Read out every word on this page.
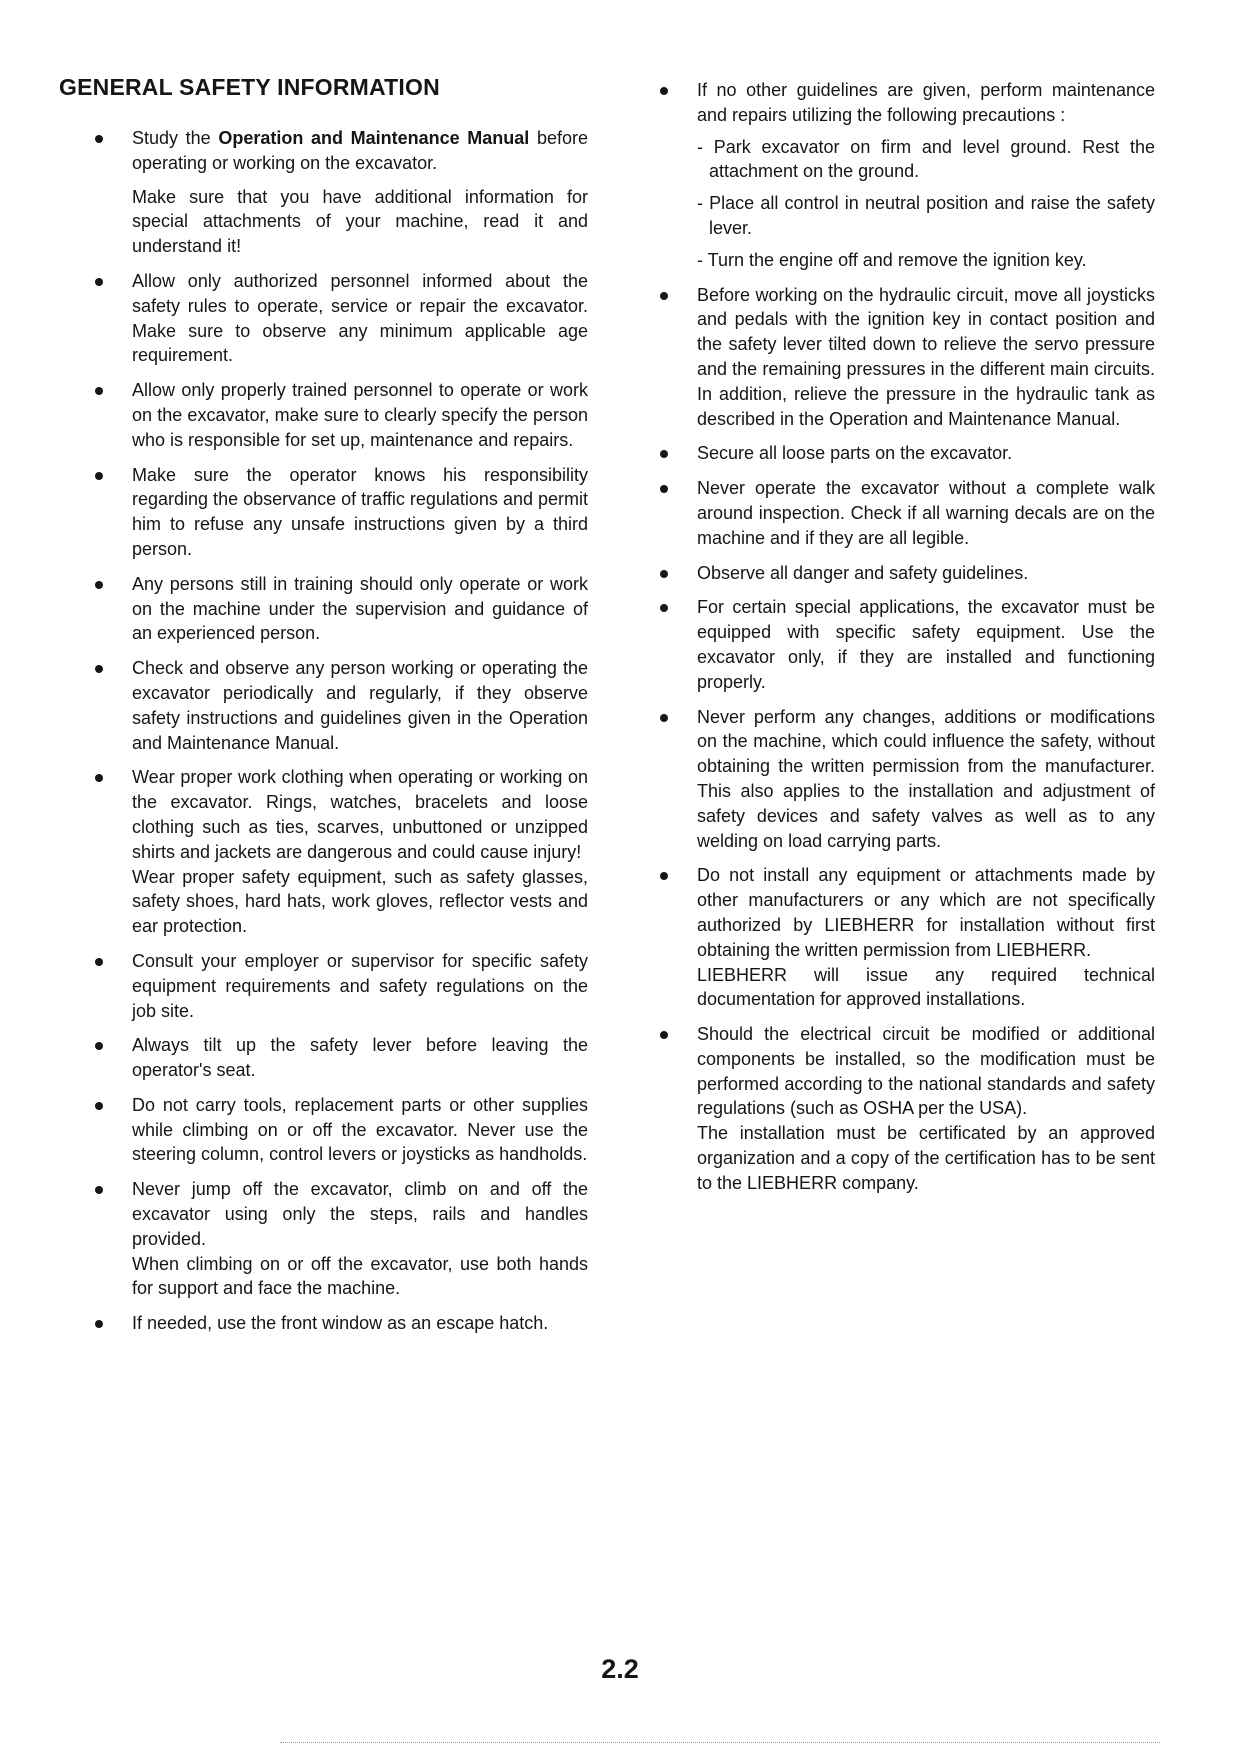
GENERAL SAFETY INFORMATION

Study the Operation and Maintenance Manual before operating or working on the excavator.

Make sure that you have additional information for special attachments of your machine, read it and understand it!

Allow only authorized personnel informed about the safety rules to operate, service or repair the excavator. Make sure to observe any minimum applicable age requirement.

Allow only properly trained personnel to operate or work on the excavator, make sure to clearly specify the person who is responsible for set up, maintenance and repairs.

Make sure the operator knows his responsibility regarding the observance of traffic regulations and permit him to refuse any unsafe instructions given by a third person.

Any persons still in training should only operate or work on the machine under the supervision and guidance of an experienced person.

Check and observe any person working or operating the excavator periodically and regularly, if they observe safety instructions and guidelines given in the Operation and Maintenance Manual.

Wear proper work clothing when operating or working on the excavator. Rings, watches, bracelets and loose clothing such as ties, scarves, unbuttoned or unzipped shirts and jackets are dangerous and could cause injury!

Wear proper safety equipment, such as safety glasses, safety shoes, hard hats, work gloves, reflector vests and ear protection.

Consult your employer or supervisor for specific safety equipment requirements and safety regulations on the job site.

Always tilt up the safety lever before leaving the operator's seat.

Do not carry tools, replacement parts or other supplies while climbing on or off the excavator. Never use the steering column, control levers or joysticks as handholds.

Never jump off the excavator, climb on and off the excavator using only the steps, rails and handles provided.

When climbing on or off the excavator, use both hands for support and face the machine.

If needed, use the front window as an escape hatch.

If no other guidelines are given, perform maintenance and repairs utilizing the following precautions :

- Park excavator on firm and level ground. Rest the attachment on the ground.

- Place all control in neutral position and raise the safety lever.

- Turn the engine off and remove the ignition key.

Before working on the hydraulic circuit, move all joysticks and pedals with the ignition key in contact position and the safety lever tilted down to relieve the servo pressure and the remaining pressures in the different main circuits. In addition, relieve the pressure in the hydraulic tank as described in the Operation and Maintenance Manual.

Secure all loose parts on the excavator.

Never operate the excavator without a complete walk around inspection. Check if all warning decals are on the machine and if they are all legible.

Observe all danger and safety guidelines.

For certain special applications, the excavator must be equipped with specific safety equipment. Use the excavator only, if they are installed and functioning properly.

Never perform any changes, additions or modifications on the machine, which could influence the safety, without obtaining the written permission from the manufacturer. This also applies to the installation and adjustment of safety devices and safety valves as well as to any welding on load carrying parts.

Do not install any equipment or attachments made by other manufacturers or any which are not specifically authorized by LIEBHERR for installation without first obtaining the written permission from LIEBHERR.

LIEBHERR will issue any required technical documentation for approved installations.

Should the electrical circuit be modified or additional components be installed, so the modification must be performed according to the national standards and safety regulations (such as OSHA per the USA).

The installation must be certificated by an approved organization and a copy of the certification has to be sent to the LIEBHERR company.

2.2
